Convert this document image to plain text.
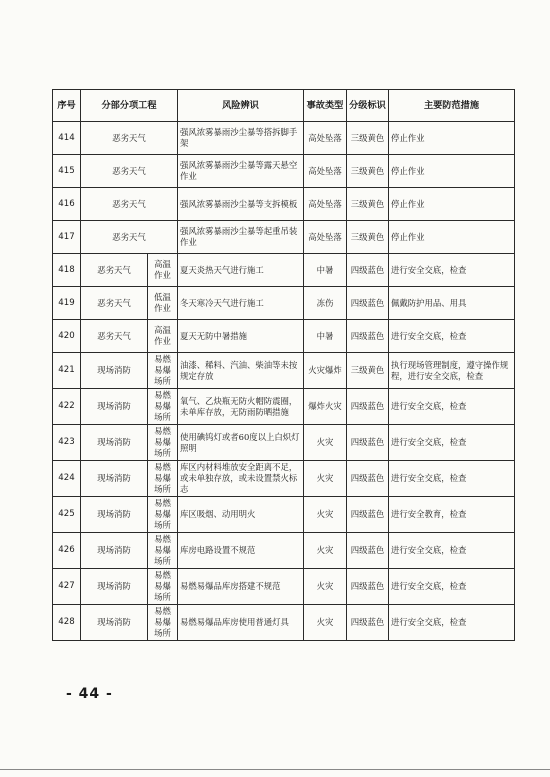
序号	分部分项工程		风险辨识	事故类型	分级标识	主要防范措施
414	恶劣天气		强风浓雾暴雨沙尘暴等搭拆脚手架	高处坠落	三级黄色	停止作业
415	恶劣天气		强风浓雾暴雨沙尘暴等露天悬空作业	高处坠落	三级黄色	停止作业
416	恶劣天气		强风浓雾暴雨沙尘暴等支拆模板	高处坠落	三级黄色	停止作业
417	恶劣天气		强风浓雾暴雨沙尘暴等起重吊装作业	高处坠落	三级黄色	停止作业
418	恶劣天气	高温作业	夏天炎热天气进行施工	中暑	四级蓝色	进行安全交底，检查
419	恶劣天气	低温作业	冬天寒冷天气进行施工	冻伤	四级蓝色	佩戴防护用品、用具
420	恶劣天气	高温作业	夏天无防中暑措施	中暑	四级蓝色	进行安全交底，检查
421	现场消防	易燃易爆场所	油漆、稀料、汽油、柴油等未按规定存放	火灾爆炸	三级黄色	执行现场管理制度，遵守操作规程，进行安全交底，检查
422	现场消防	易燃易爆场所	氧气、乙炔瓶无防火帽防震圈，未单库存放，无防雨防晒措施	爆炸火灾	四级蓝色	进行安全交底，检查
423	现场消防	易燃易爆场所	使用碘钨灯或者60度以上白炽灯照明	火灾	四级蓝色	进行安全交底，检查
424	现场消防	易燃易爆场所	库区内材料堆放安全距离不足，或未单独存放，或未设置禁火标志	火灾	四级蓝色	进行安全交底，检查
425	现场消防	易燃易爆场所	库区吸烟、动用明火	火灾	四级蓝色	进行安全教育，检查
426	现场消防	易燃易爆场所	库房电路设置不规范	火灾	四级蓝色	进行安全交底，检查
427	现场消防	易燃易爆场所	易燃易爆品库房搭建不规范	火灾	四级蓝色	进行安全交底，检查
428	现场消防	易燃易爆场所	易燃易爆品库房使用普通灯具	火灾	四级蓝色	进行安全交底，检查
- 44 -
